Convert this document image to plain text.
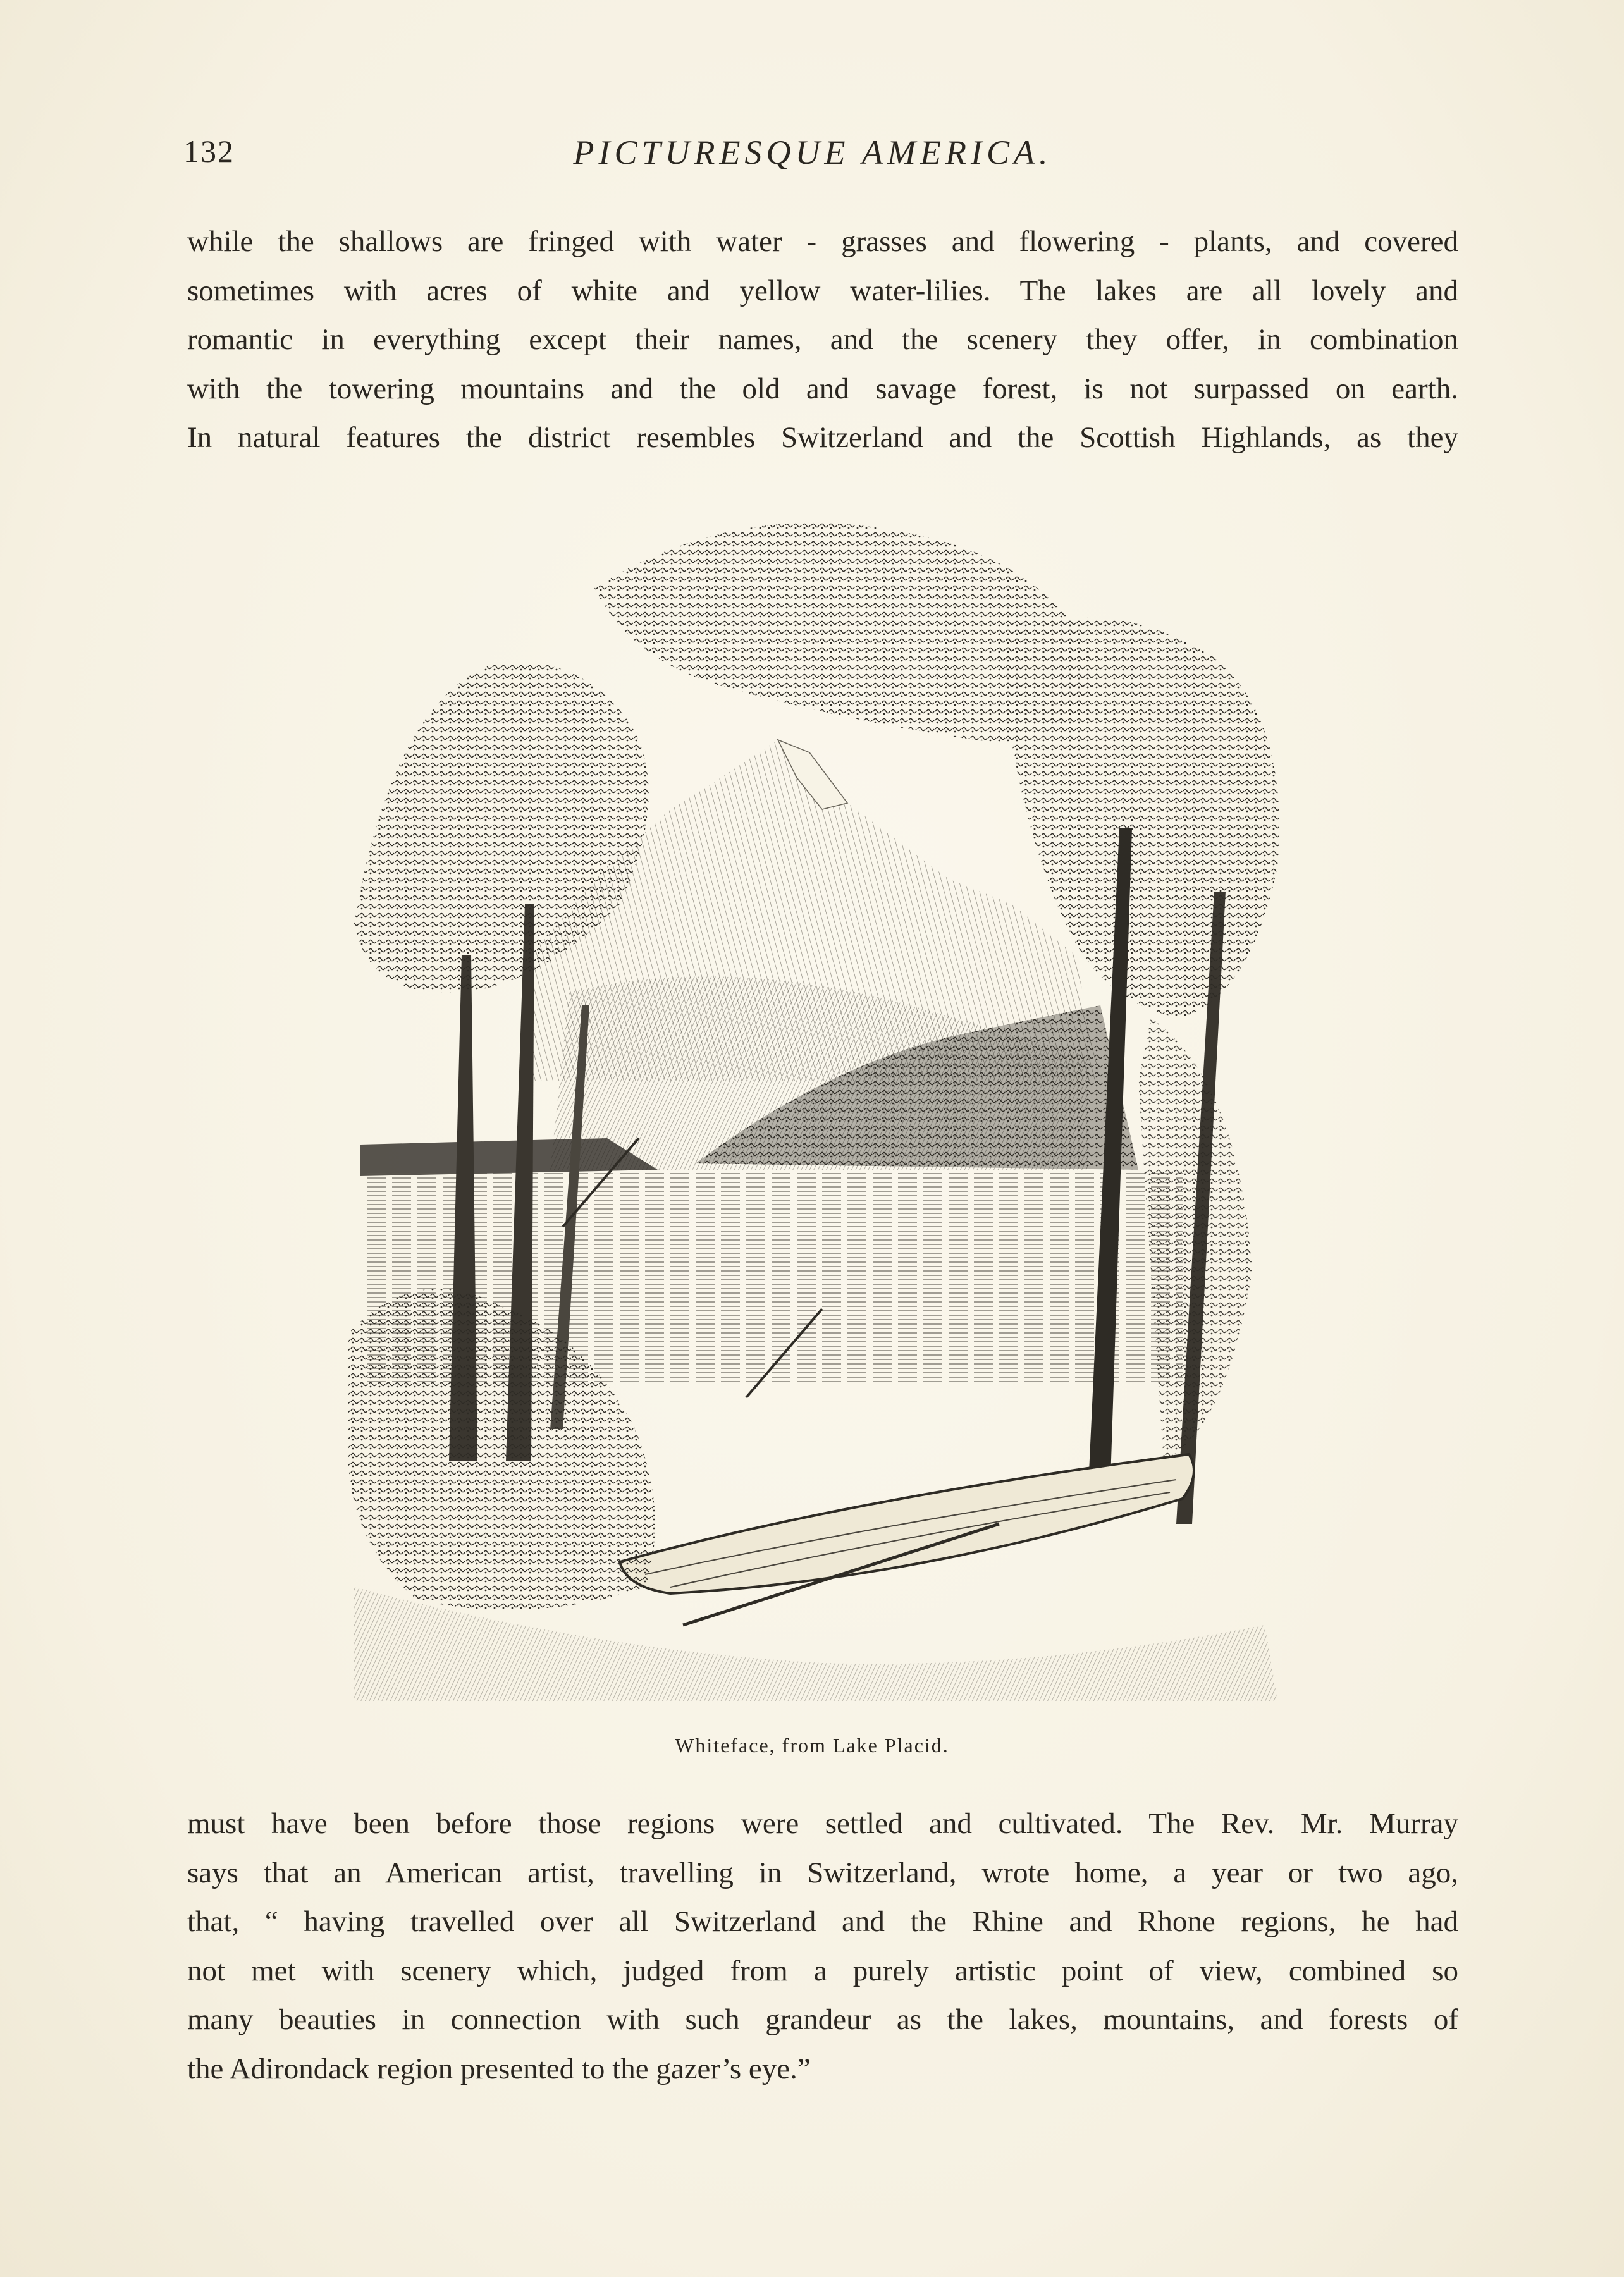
132	PICTURESQUE AMERICA.
while the shallows are fringed with water - grasses and flowering - plants, and covered
sometimes with acres of white and yellow water-lilies. The lakes are all lovely and
romantic in everything except their names, and the scenery they offer, in combination
with the towering mountains and the old and savage forest, is not surpassed on earth.
In natural features the district resembles Switzerland and the Scottish Highlands, as they
Whiteface, from Lake Placid.
must have been before those regions were settled and cultivated. The Rev. Mr. Murray
says that an American artist, travelling in Switzerland, wrote home, a year or two ago,
that, “ having travelled over all Switzerland and the Rhine and Rhone regions, he had
not met with scenery which, judged from a purely artistic point of view, combined so
many beauties in connection with such grandeur as the lakes, mountains, and forests of
the Adirondack region presented to the gazer’s eye.”
